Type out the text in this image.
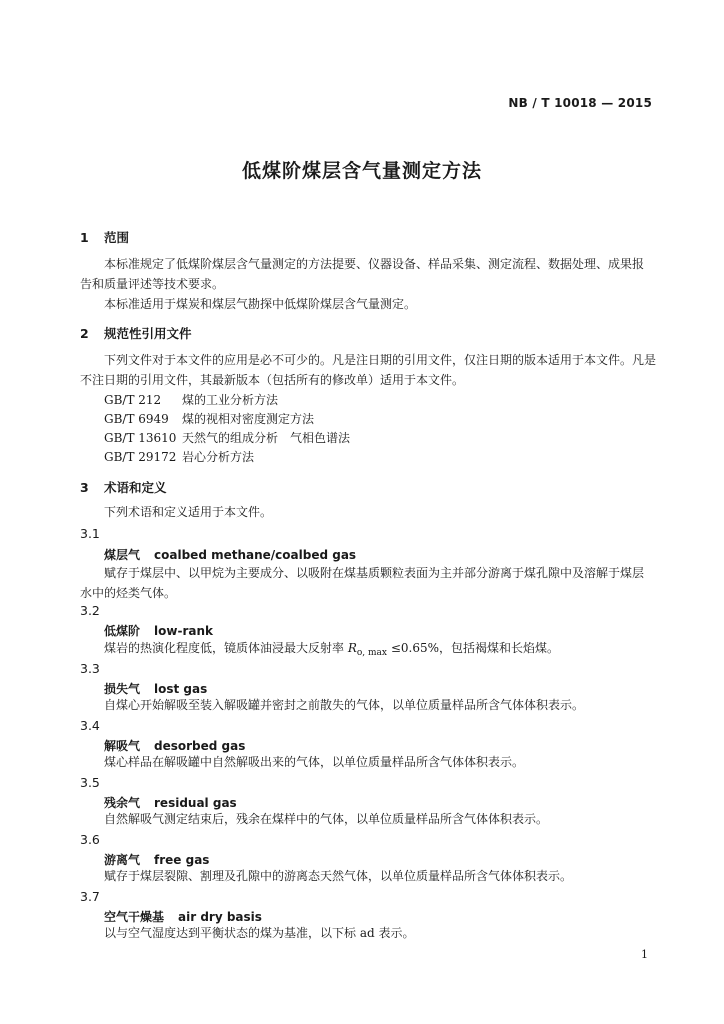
NB / T 10018 — 2015
低煤阶煤层含气量测定方法
1 范围
本标准规定了低煤阶煤层含气量测定的方法提要、仪器设备、样品采集、测定流程、数据处理、成果报告和质量评述等技术要求。
本标准适用于煤炭和煤层气勘探中低煤阶煤层含气量测定。
2 规范性引用文件
下列文件对于本文件的应用是必不可少的。凡是注日期的引用文件，仅注日期的版本适用于本文件。凡是不注日期的引用文件，其最新版本（包括所有的修改单）适用于本文件。
GB/T 212 煤的工业分析方法
GB/T 6949 煤的视相对密度测定方法
GB/T 13610 天然气的组成分析　气相色谱法
GB/T 29172 岩心分析方法
3 术语和定义
下列术语和定义适用于本文件。
3.1
煤层气 coalbed methane/coalbed gas
赋存于煤层中、以甲烷为主要成分、以吸附在煤基质颗粒表面为主并部分游离于煤孔隙中及溶解于煤层水中的烃类气体。
3.2
低煤阶 low-rank
煤岩的热演化程度低，镜质体油浸最大反射率 $R_{o, max} \le 0.65\%$，包括褐煤和长焰煤。
3.3
损失气 lost gas
自煤心开始解吸至装入解吸罐并密封之前散失的气体，以单位质量样品所含气体体积表示。
3.4
解吸气 desorbed gas
煤心样品在解吸罐中自然解吸出来的气体，以单位质量样品所含气体体积表示。
3.5
残余气 residual gas
自然解吸气测定结束后，残余在煤样中的气体，以单位质量样品所含气体体积表示。
3.6
游离气 free gas
赋存于煤层裂隙、割理及孔隙中的游离态天然气体，以单位质量样品所含气体体积表示。
3.7
空气干燥基 air dry basis
以与空气湿度达到平衡状态的煤为基准，以下标 ad 表示。
1
